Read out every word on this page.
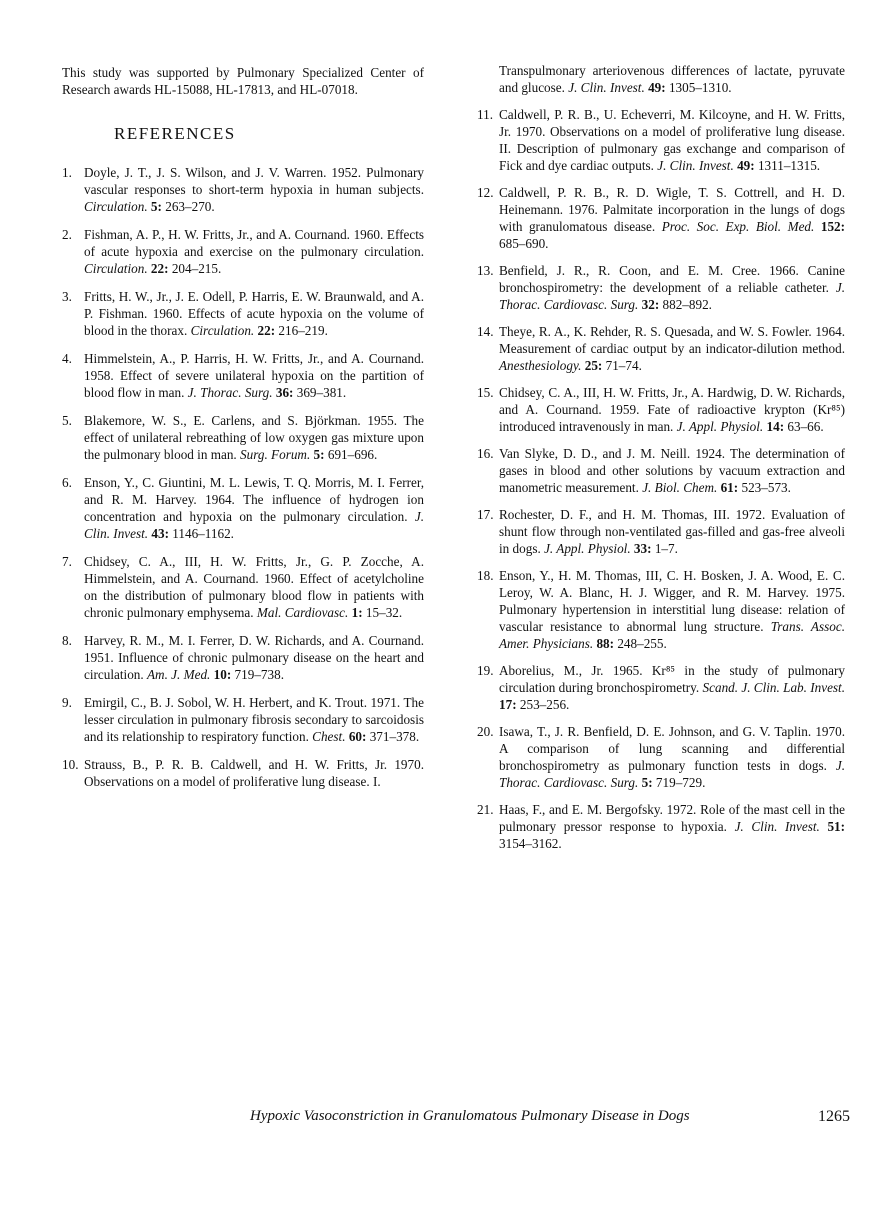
This study was supported by Pulmonary Specialized Center of Research awards HL-15088, HL-17813, and HL-07018.

REFERENCES
1. Doyle, J. T., J. S. Wilson, and J. V. Warren. 1952. Pulmonary vascular responses to short-term hypoxia in human subjects. Circulation. 5: 263–270.
2. Fishman, A. P., H. W. Fritts, Jr., and A. Cournand. 1960. Effects of acute hypoxia and exercise on the pulmonary circulation. Circulation. 22: 204–215.
3. Fritts, H. W., Jr., J. E. Odell, P. Harris, E. W. Braunwald, and A. P. Fishman. 1960. Effects of acute hypoxia on the volume of blood in the thorax. Circulation. 22: 216–219.
4. Himmelstein, A., P. Harris, H. W. Fritts, Jr., and A. Cournand. 1958. Effect of severe unilateral hypoxia on the partition of blood flow in man. J. Thorac. Surg. 36: 369–381.
5. Blakemore, W. S., E. Carlens, and S. Björkman. 1955. The effect of unilateral rebreathing of low oxygen gas mixture upon the pulmonary blood in man. Surg. Forum. 5: 691–696.
6. Enson, Y., C. Giuntini, M. L. Lewis, T. Q. Morris, M. I. Ferrer, and R. M. Harvey. 1964. The influence of hydrogen ion concentration and hypoxia on the pulmonary circulation. J. Clin. Invest. 43: 1146–1162.
7. Chidsey, C. A., III, H. W. Fritts, Jr., G. P. Zocche, A. Himmelstein, and A. Cournand. 1960. Effect of acetylcholine on the distribution of pulmonary blood flow in patients with chronic pulmonary emphysema. Mal. Cardiovasc. 1: 15–32.
8. Harvey, R. M., M. I. Ferrer, D. W. Richards, and A. Cournand. 1951. Influence of chronic pulmonary disease on the heart and circulation. Am. J. Med. 10: 719–738.
9. Emirgil, C., B. J. Sobol, W. H. Herbert, and K. Trout. 1971. The lesser circulation in pulmonary fibrosis secondary to sarcoidosis and its relationship to respiratory function. Chest. 60: 371–378.
10. Strauss, B., P. R. B. Caldwell, and H. W. Fritts, Jr. 1970. Observations on a model of proliferative lung disease. I.

Transpulmonary arteriovenous differences of lactate, pyruvate and glucose. J. Clin. Invest. 49: 1305–1310.

11. Caldwell, P. R. B., U. Echeverri, M. Kilcoyne, and H. W. Fritts, Jr. 1970. Observations on a model of proliferative lung disease. II. Description of pulmonary gas exchange and comparison of Fick and dye cardiac outputs. J. Clin. Invest. 49: 1311–1315.
12. Caldwell, P. R. B., R. D. Wigle, T. S. Cottrell, and H. D. Heinemann. 1976. Palmitate incorporation in the lungs of dogs with granulomatous disease. Proc. Soc. Exp. Biol. Med. 152: 685–690.
13. Benfield, J. R., R. Coon, and E. M. Cree. 1966. Canine bronchospirometry: the development of a reliable catheter. J. Thorac. Cardiovasc. Surg. 32: 882–892.
14. Theye, R. A., K. Rehder, R. S. Quesada, and W. S. Fowler. 1964. Measurement of cardiac output by an indicator-dilution method. Anesthesiology. 25: 71–74.
15. Chidsey, C. A., III, H. W. Fritts, Jr., A. Hardwig, D. W. Richards, and A. Cournand. 1959. Fate of radioactive krypton (Kr⁸⁵) introduced intravenously in man. J. Appl. Physiol. 14: 63–66.
16. Van Slyke, D. D., and J. M. Neill. 1924. The determination of gases in blood and other solutions by vacuum extraction and manometric measurement. J. Biol. Chem. 61: 523–573.
17. Rochester, D. F., and H. M. Thomas, III. 1972. Evaluation of shunt flow through non-ventilated gas-filled and gas-free alveoli in dogs. J. Appl. Physiol. 33: 1–7.
18. Enson, Y., H. M. Thomas, III, C. H. Bosken, J. A. Wood, E. C. Leroy, W. A. Blanc, H. J. Wigger, and R. M. Harvey. 1975. Pulmonary hypertension in interstitial lung disease: relation of vascular resistance to abnormal lung structure. Trans. Assoc. Amer. Physicians. 88: 248–255.
19. Aborelius, M., Jr. 1965. Kr⁸⁵ in the study of pulmonary circulation during bronchospirometry. Scand. J. Clin. Lab. Invest. 17: 253–256.
20. Isawa, T., J. R. Benfield, D. E. Johnson, and G. V. Taplin. 1970. A comparison of lung scanning and differential bronchospirometry as pulmonary function tests in dogs. J. Thorac. Cardiovasc. Surg. 5: 719–729.
21. Haas, F., and E. M. Bergofsky. 1972. Role of the mast cell in the pulmonary pressor response to hypoxia. J. Clin. Invest. 51: 3154–3162.
Hypoxic Vasoconstriction in Granulomatous Pulmonary Disease in Dogs	1265
